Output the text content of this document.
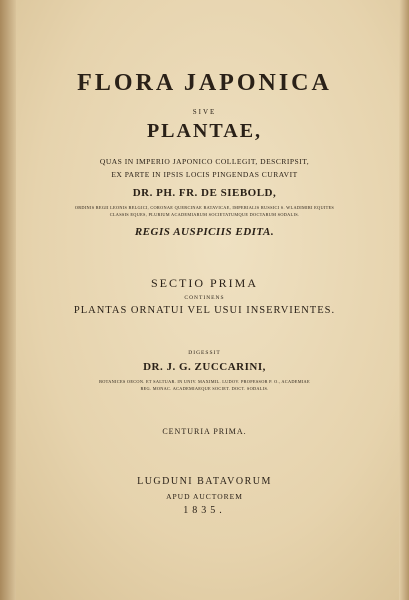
FLORA JAPONICA
SIVE
PLANTAE,
QUAS IN IMPERIO JAPONICO COLLEGIT, DESCRIPSIT,
EX PARTE IN IPSIS LOCIS PINGENDAS CURAVIT
DR. PH. FR. DE SIEBOLD,
ORDINIS REGII LEONIS BELGICI, CORONAE QUERCINAE BATAVICAE, IMPERIALIS RUSSICI S. WLADIMIRI EQUITES
CLASSIS EQUES, PLURIUM ACADEMIARUM SOCIETATUMQUE DOCTARUM SODALIS.
REGIS AUSPICIIS EDITA.
SECTIO PRIMA
CONTINENS
PLANTAS ORNATUI VEL USUI INSERVIENTES.
DIGESSIT
DR. J. G. ZUCCARINI,
BOTANICES OECON. ET SALTUAR. IN UNIV. MAXIMIL. LUDOV. PROFESSOR P. O., ACADEMIAE
REG. MONAC. ACADEMIAEQUE SOCIET. DOCT. SODALIS.
CENTURIA PRIMA.
LUGDUNI BATAVORUM
APUD AUCTOREM
1835.
